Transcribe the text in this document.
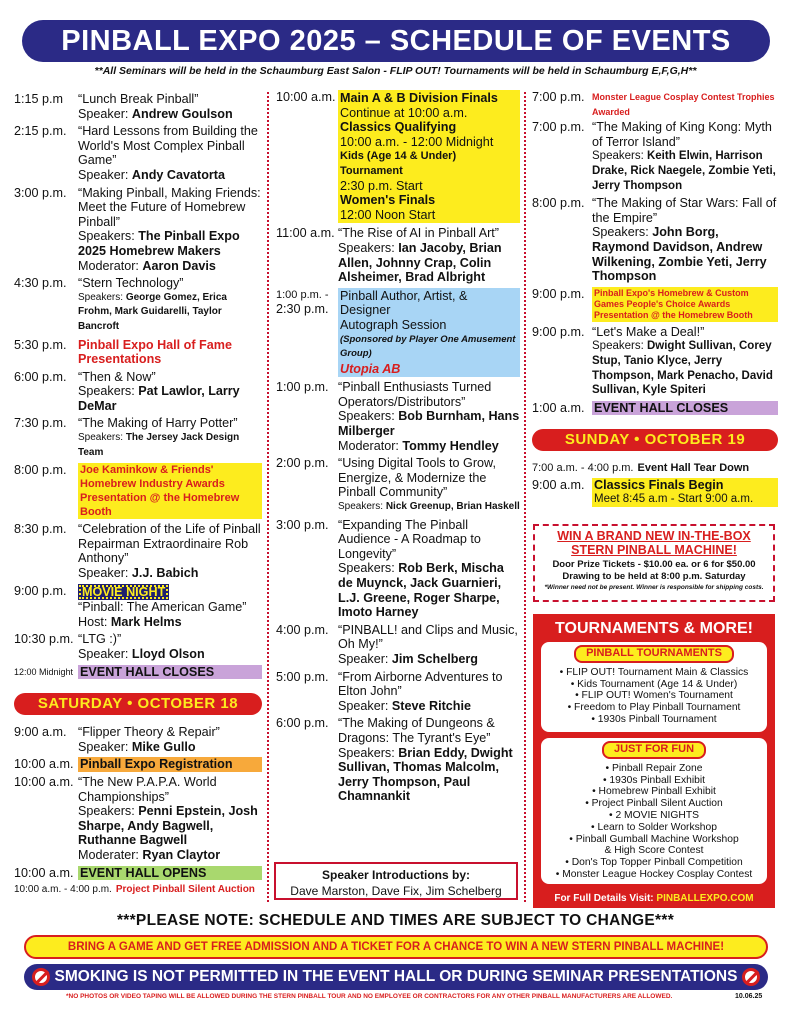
PINBALL EXPO 2025 – SCHEDULE OF EVENTS
**All Seminars will be held in the Schaumburg East Salon - FLIP OUT! Tournaments will be held in Schaumburg E,F,G,H**
1:15 p.m	“Lunch Break Pinball”
Speaker: Andrew Goulson
2:15 p.m. “Hard Lessons from Building the World's Most Complex Pinball Game”
Speaker: Andy Cavatorta
3:00 p.m. “Making Pinball, Making Friends: Meet the Future of Homebrew Pinball”
Speakers: The Pinball Expo 2025 Homebrew Makers
Moderator: Aaron Davis
4:30 p.m. “Stern Technology”
Speakers: George Gomez, Erica Frohm, Mark Guidarelli, Taylor Bancroft
5:30 p.m. Pinball Expo Hall of Fame Presentations
6:00 p.m. “Then & Now”
Speakers: Pat Lawlor, Larry DeMar
7:30 p.m. “The Making of Harry Potter”
Speakers: The Jersey Jack Design Team
8:00 p.m.	Joe Kaminkow & Friends' Homebrew Industry Awards Presentation @ the Homebrew Booth
8:30 p.m. “Celebration of the Life of Pinball Repairman Extraordinaire Rob Anthony”
Speaker: J.J. Babich
9:00 p.m.	MOVIE NIGHT
“Pinball: The American Game”
Host: Mark Helms
10:30 p.m. “LTG :)”
Speaker: Lloyd Olson
12:00 Midnight EVENT HALL CLOSES
SATURDAY • OCTOBER 18
9:00 a.m. “Flipper Theory & Repair”
Speaker: Mike Gullo
10:00 a.m. Pinball Expo Registration
10:00 a.m. “The New P.A.P.A. World Championships”
Speakers: Penni Epstein, Josh Sharpe, Andy Bagwell, Ruthanne Bagwell
Moderater: Ryan Claytor
10:00 a.m. EVENT HALL OPENS
10:00 a.m. - 4:00 p.m. Project Pinball Silent Auction
10:00 a.m. Main A & B Division Finals
Continue at 10:00 a.m.
Classics Qualifying
10:00 a.m. - 12:00 Midnight
Kids (Age 14 & Under) Tournament
2:30 p.m. Start
Women's Finals
12:00 Noon Start
11:00 a.m. “The Rise of AI in Pinball Art”
Speakers: Ian Jacoby, Brian Allen, Johnny Crap, Colin Alsheimer, Brad Albright
1:00 p.m. -
2:30 p.m.
Pinball Author, Artist, & Designer
Autograph Session
(Sponsored by Player One Amusement Group)
Utopia AB
1:00 p.m. “Pinball Enthusiasts Turned Operators/Distributors”
Speakers: Bob Burnham, Hans Milberger
Moderator: Tommy Hendley
2:00 p.m. “Using Digital Tools to Grow, Energize, & Modernize the Pinball Community”
Speakers: Nick Greenup, Brian Haskell
3:00 p.m. “Expanding The Pinball Audience - A Roadmap to Longevity”
Speakers: Rob Berk, Mischa de Muynck, Jack Guarnieri, L.J. Greene, Roger Sharpe, Imoto Harney
4:00 p.m. “PINBALL! and Clips and Music, Oh My!”
Speaker: Jim Schelberg
5:00 p.m. “From Airborne Adventures to Elton John”
Speaker: Steve Ritchie
6:00 p.m. “The Making of Dungeons & Dragons: The Tyrant's Eye”
Speakers: Brian Eddy, Dwight Sullivan, Thomas Malcolm, Jerry Thompson, Paul Chamnankit
Speaker Introductions by:
Dave Marston, Dave Fix, Jim Schelberg
7:00 p.m. Monster League Cosplay Contest Trophies Awarded
7:00 p.m. “The Making of King Kong: Myth of Terror Island”
Speakers: Keith Elwin, Harrison Drake, Rick Naegele, Zombie Yeti, Jerry Thompson
8:00 p.m. “The Making of Star Wars: Fall of the Empire”
Speakers: John Borg, Raymond Davidson, Andrew Wilkening, Zombie Yeti, Jerry Thompson
9:00 p.m.	Pinball Expo's Homebrew & Custom Games People's Choice Awards Presentation @ the Homebrew Booth
9:00 p.m. “Let's Make a Deal!”
Speakers: Dwight Sullivan, Corey Stup, Tanio Klyce, Jerry Thompson, Mark Penacho, David Sullivan, Kyle Spiteri
1:00 a.m. EVENT HALL CLOSES
SUNDAY • OCTOBER 19
7:00 a.m. - 4:00 p.m. Event Hall Tear Down
9:00 a.m. Classics Finals Begin
Meet 8:45 a.m - Start 9:00 a.m.
WIN A BRAND NEW IN-THE-BOX
STERN PINBALL MACHINE!
Door Prize Tickets - $10.00 ea. or 6 for $50.00
Drawing to be held at 8:00 p.m. Saturday
*Winner need not be present. Winner is responsible for shipping costs.
TOURNAMENTS & MORE!
PINBALL TOURNAMENTS
• FLIP OUT! Tournament Main & Classics
• Kids Tournament (Age 14 & Under)
• FLIP OUT! Women's Tournament
• Freedom to Play Pinball Tournament
• 1930s Pinball Tournament
JUST FOR FUN
• Pinball Repair Zone
• 1930s Pinball Exhibit
• Homebrew Pinball Exhibit
• Project Pinball Silent Auction
• 2 MOVIE NIGHTS
• Learn to Solder Workshop
• Pinball Gumball Machine Workshop
& High Score Contest
• Don's Top Topper Pinball Competition
• Monster League Hockey Cosplay Contest
For Full Details Visit: PINBALLEXPO.COM
***PLEASE NOTE: SCHEDULE AND TIMES ARE SUBJECT TO CHANGE***
BRING A GAME AND GET FREE ADMISSION AND A TICKET FOR A CHANCE TO WIN A NEW STERN PINBALL MACHINE!
SMOKING IS NOT PERMITTED IN THE EVENT HALL OR DURING SEMINAR PRESENTATIONS
*NO PHOTOS OR VIDEO TAPING WILL BE ALLOWED DURING THE STERN PINBALL TOUR AND NO EMPLOYEE OR CONTRACTORS FOR ANY OTHER PINBALL MANUFACTURERS ARE ALLOWED.	10.06.25
